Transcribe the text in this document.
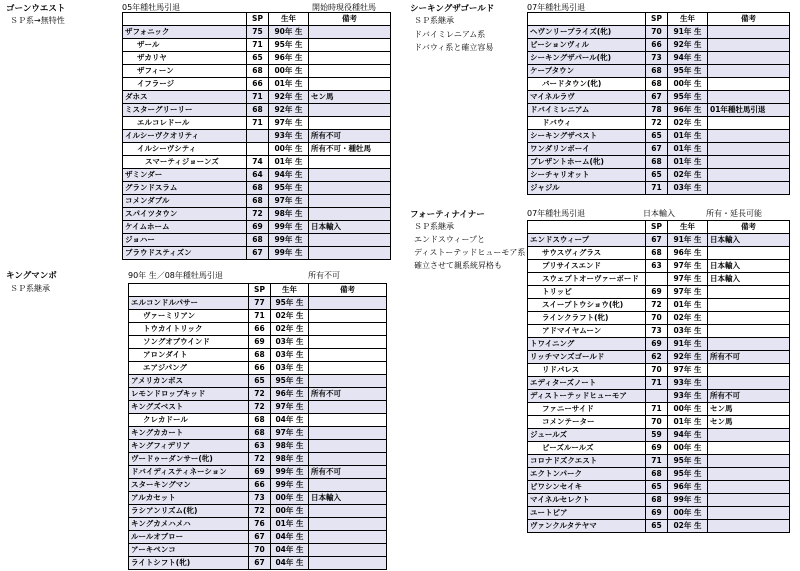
ゴーンウエスト
ＳＰ系→無特性
05年種牡馬引退	開始時現役種牡馬
	SP	生年	備考
ザフォニック	75	90年 生	
ザール	71	95年 生	
ザカリヤ	65	96年 生	
ザフィーン	68	00年 生	
イフラージ	66	01年 生	
ダホス	71	92年 生	セン馬
ミスターグリーリー	68	92年 生	
エルコレドール	71	97年 生	
イルシーヴクオリティ		93年 生	所有不可
イルシーヴシティ		00年 生	所有不可・種牡馬
スマーティジョーンズ	74	01年 生	
ザミンダー	64	94年 生	
グランドスラム	68	95年 生	
コメンダブル	68	97年 生	
スパイツタウン	72	98年 生	
ケイムホーム	69	99年 生	日本輸入
ジョハー	68	99年 生	
ブラウドスティズン	67	99年 生	
キングマンボ
ＳＰ系継承
90年 生／08年種牡馬引退	所有不可
	SP	生年	備考
エルコンドルパサー	77	95年 生	
ヴァーミリアン	71	02年 生	
トウカイトリック	66	02年 生	
ソングオブウインド	69	03年 生	
アロンダイト	68	03年 生	
エアジパング	66	03年 生	
アメリカンボス	65	95年 生	
レモンドロップキッド	72	96年 生	所有不可
キングズベスト	72	97年 生	
クレカドール	68	04年 生	
キングカカート	68	97年 生	
キングフィデリア	63	98年 生	
ヴードゥーダンサー(牝)	72	98年 生	
ドバイディスティネーション	69	99年 生	所有不可
スターキングマン	66	99年 生	
アルカセット	73	00年 生	日本輸入
ラシアンリズム(牝)	72	00年 生	
キングカメハメハ	76	01年 生	
ルールオブロー	67	04年 生	
アーキペンコ	70	04年 生	
ライトシフト(牝)	67	04年 生	
シーキングザゴールド
ＳＰ系継承
ドバイミレニアム系
ドバウィ系と確立容易
07年種牡馬引退
	SP	生年	備考
ヘヴンリープライズ(牝)	70	91年 生	
ビーションヴィル	66	92年 生	
シーキングザパール(牝)	73	94年 生	
ケープタウン	68	95年 生	
バードタウン(牝)	68	00年 生	
マイネルラヴ	67	95年 生	
ドバイミレニアム	78	96年 生	01年種牡馬引退
ドバウィ	72	02年 生	
シーキングザベスト	65	01年 生	
ワンダリンボーイ	67	01年 生	
プレザントホーム(牝)	68	01年 生	
シーチャリオット	65	02年 生	
ジャジル	71	03年 生	
フォーティナイナー
ＳＰ系継承
エンドスウィープと
ディストーテッドヒューモア系
確立させて親系統昇格も
07年種牡馬引退	日本輸入	所有・延長可能
	SP	生年	備考
エンドスウィープ	67	91年 生	日本輸入
サウスヴィグラス	68	96年 生	
プリサイスエンド	63	97年 生	日本輸入
スウェプトオーヴァーボード		97年 生	日本輸入
トリッピ	69	97年 生	
スイープトウショウ(牝)	72	01年 生	
ラインクラフト(牝)	70	02年 生	
アドマイヤムーン	73	03年 生	
トワイニング	69	91年 生	
リッチマンズゴールド	62	92年 生	所有不可
リドパレス	70	97年 生	
エディターズノート	71	93年 生	
ディストーテッドヒューモア		93年 生	所有不可
ファニーサイド	71	00年 生	セン馬
コメンテーター	70	01年 生	セン馬
ジュールズ	59	94年 生	
ビーズルールズ	69	00年 生	
コロナドズクエスト	71	95年 生	
エクトンパーク	68	95年 生	
ビワシンセイキ	65	96年 生	
マイネルセレクト	68	99年 生	
ユートピア	69	00年 生	
ヴァンクルタテヤマ	65	02年 生	
